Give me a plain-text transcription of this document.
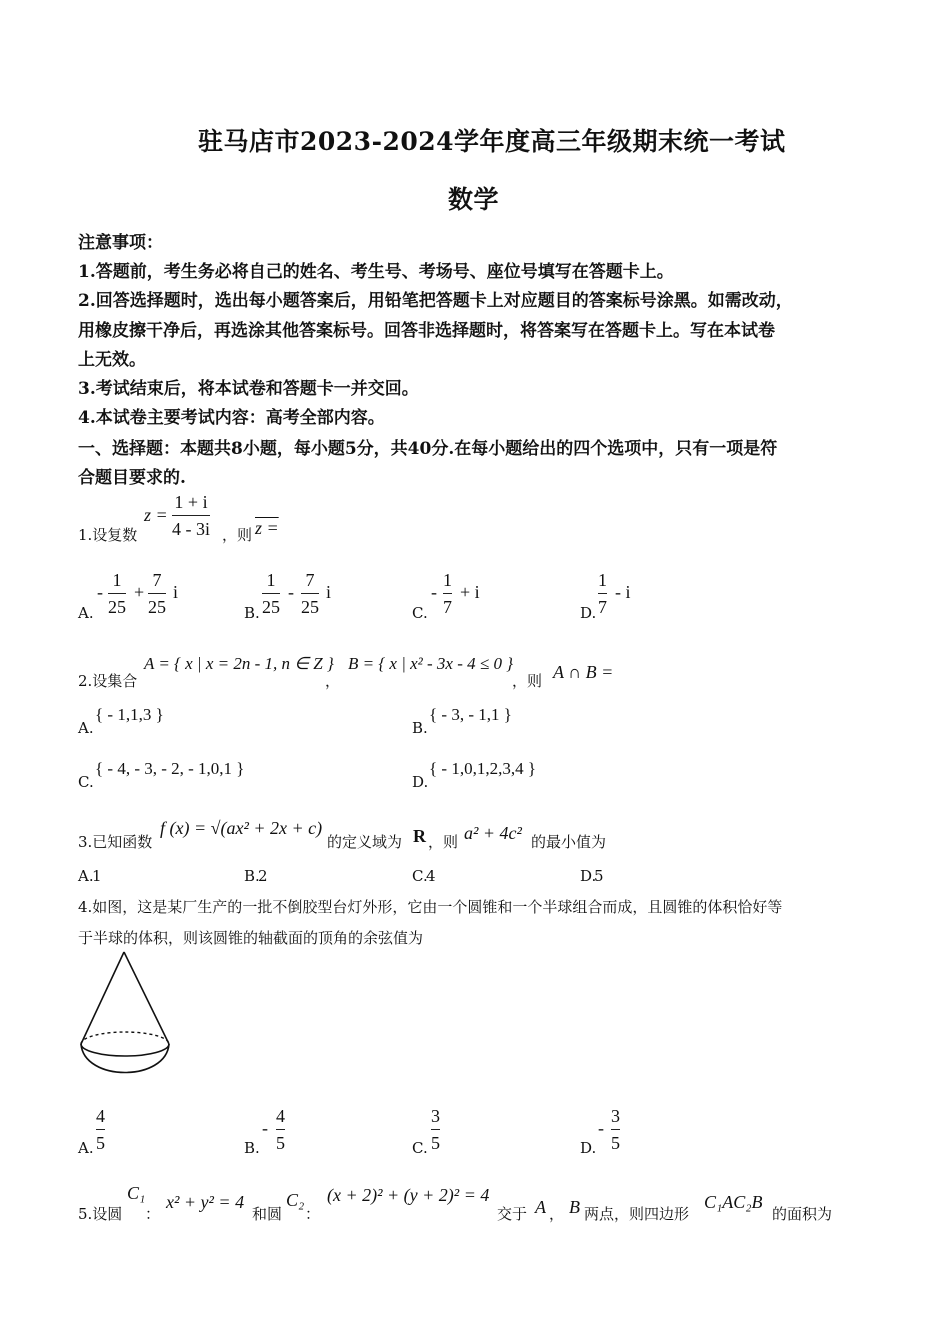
驻马店市2023-2024学年度高三年级期末统一考试
数学
注意事项：
1.答题前，考生务必将自己的姓名、考生号、考场号、座位号填写在答题卡上。
2.回答选择题时，选出每小题答案后，用铅笔把答题卡上对应题目的答案标号涂黑。如需改动，
用橡皮擦干净后，再选涂其他答案标号。回答非选择题时，将答案写在答题卡上。写在本试卷
上无效。
3.考试结束后，将本试卷和答题卡一并交回。
4.本试卷主要考试内容：高考全部内容。
一、选择题：本题共8小题，每小题5分，共40分.在每小题给出的四个选项中，只有一项是符
合题目要求的.
1.设复数
z =
1 + i
4 - 3i ，则 z =
A.
-
1
25
+
7
25
i
B.
1
25
-
7
25
i
C.
-
1
7
+ i
D.
1
7
- i
2.设集合
A = { x | x = 2n - 1, n ∈ Z }
，
B = { x | x² - 3x - 4 ≤ 0 }
，则 A ∩ B =
A.
{ - 1,1,3 }
B.
{ - 3, - 1,1 }
C.
{ - 4, - 3, - 2, - 1,0,1 }
D.
{ - 1,0,1,2,3,4 }
3.已知函数
f (x) = √(ax² + 2x + c)
的定义域为 R ，则 a² + 4c² 的最小值为
A.
1	B.
2	C.
4	D.
5
4.如图，这是某厂生产的一批不倒胶型台灯外形，它由一个圆锥和一个半球组合而成，且圆锥的体积恰好等
于半球的体积，则该圆锥的轴截面的顶角的余弦值为
A.
4
5	B.
-
4
5	C.
3
5	D.
-
3
5
5.设圆
C₁
：
x² + y² = 4
和圆
C₂
：
(x + 2)² + (y + 2)² = 4
交于 A ， B 两点，则四边形
C₁AC₂B
的面积为
